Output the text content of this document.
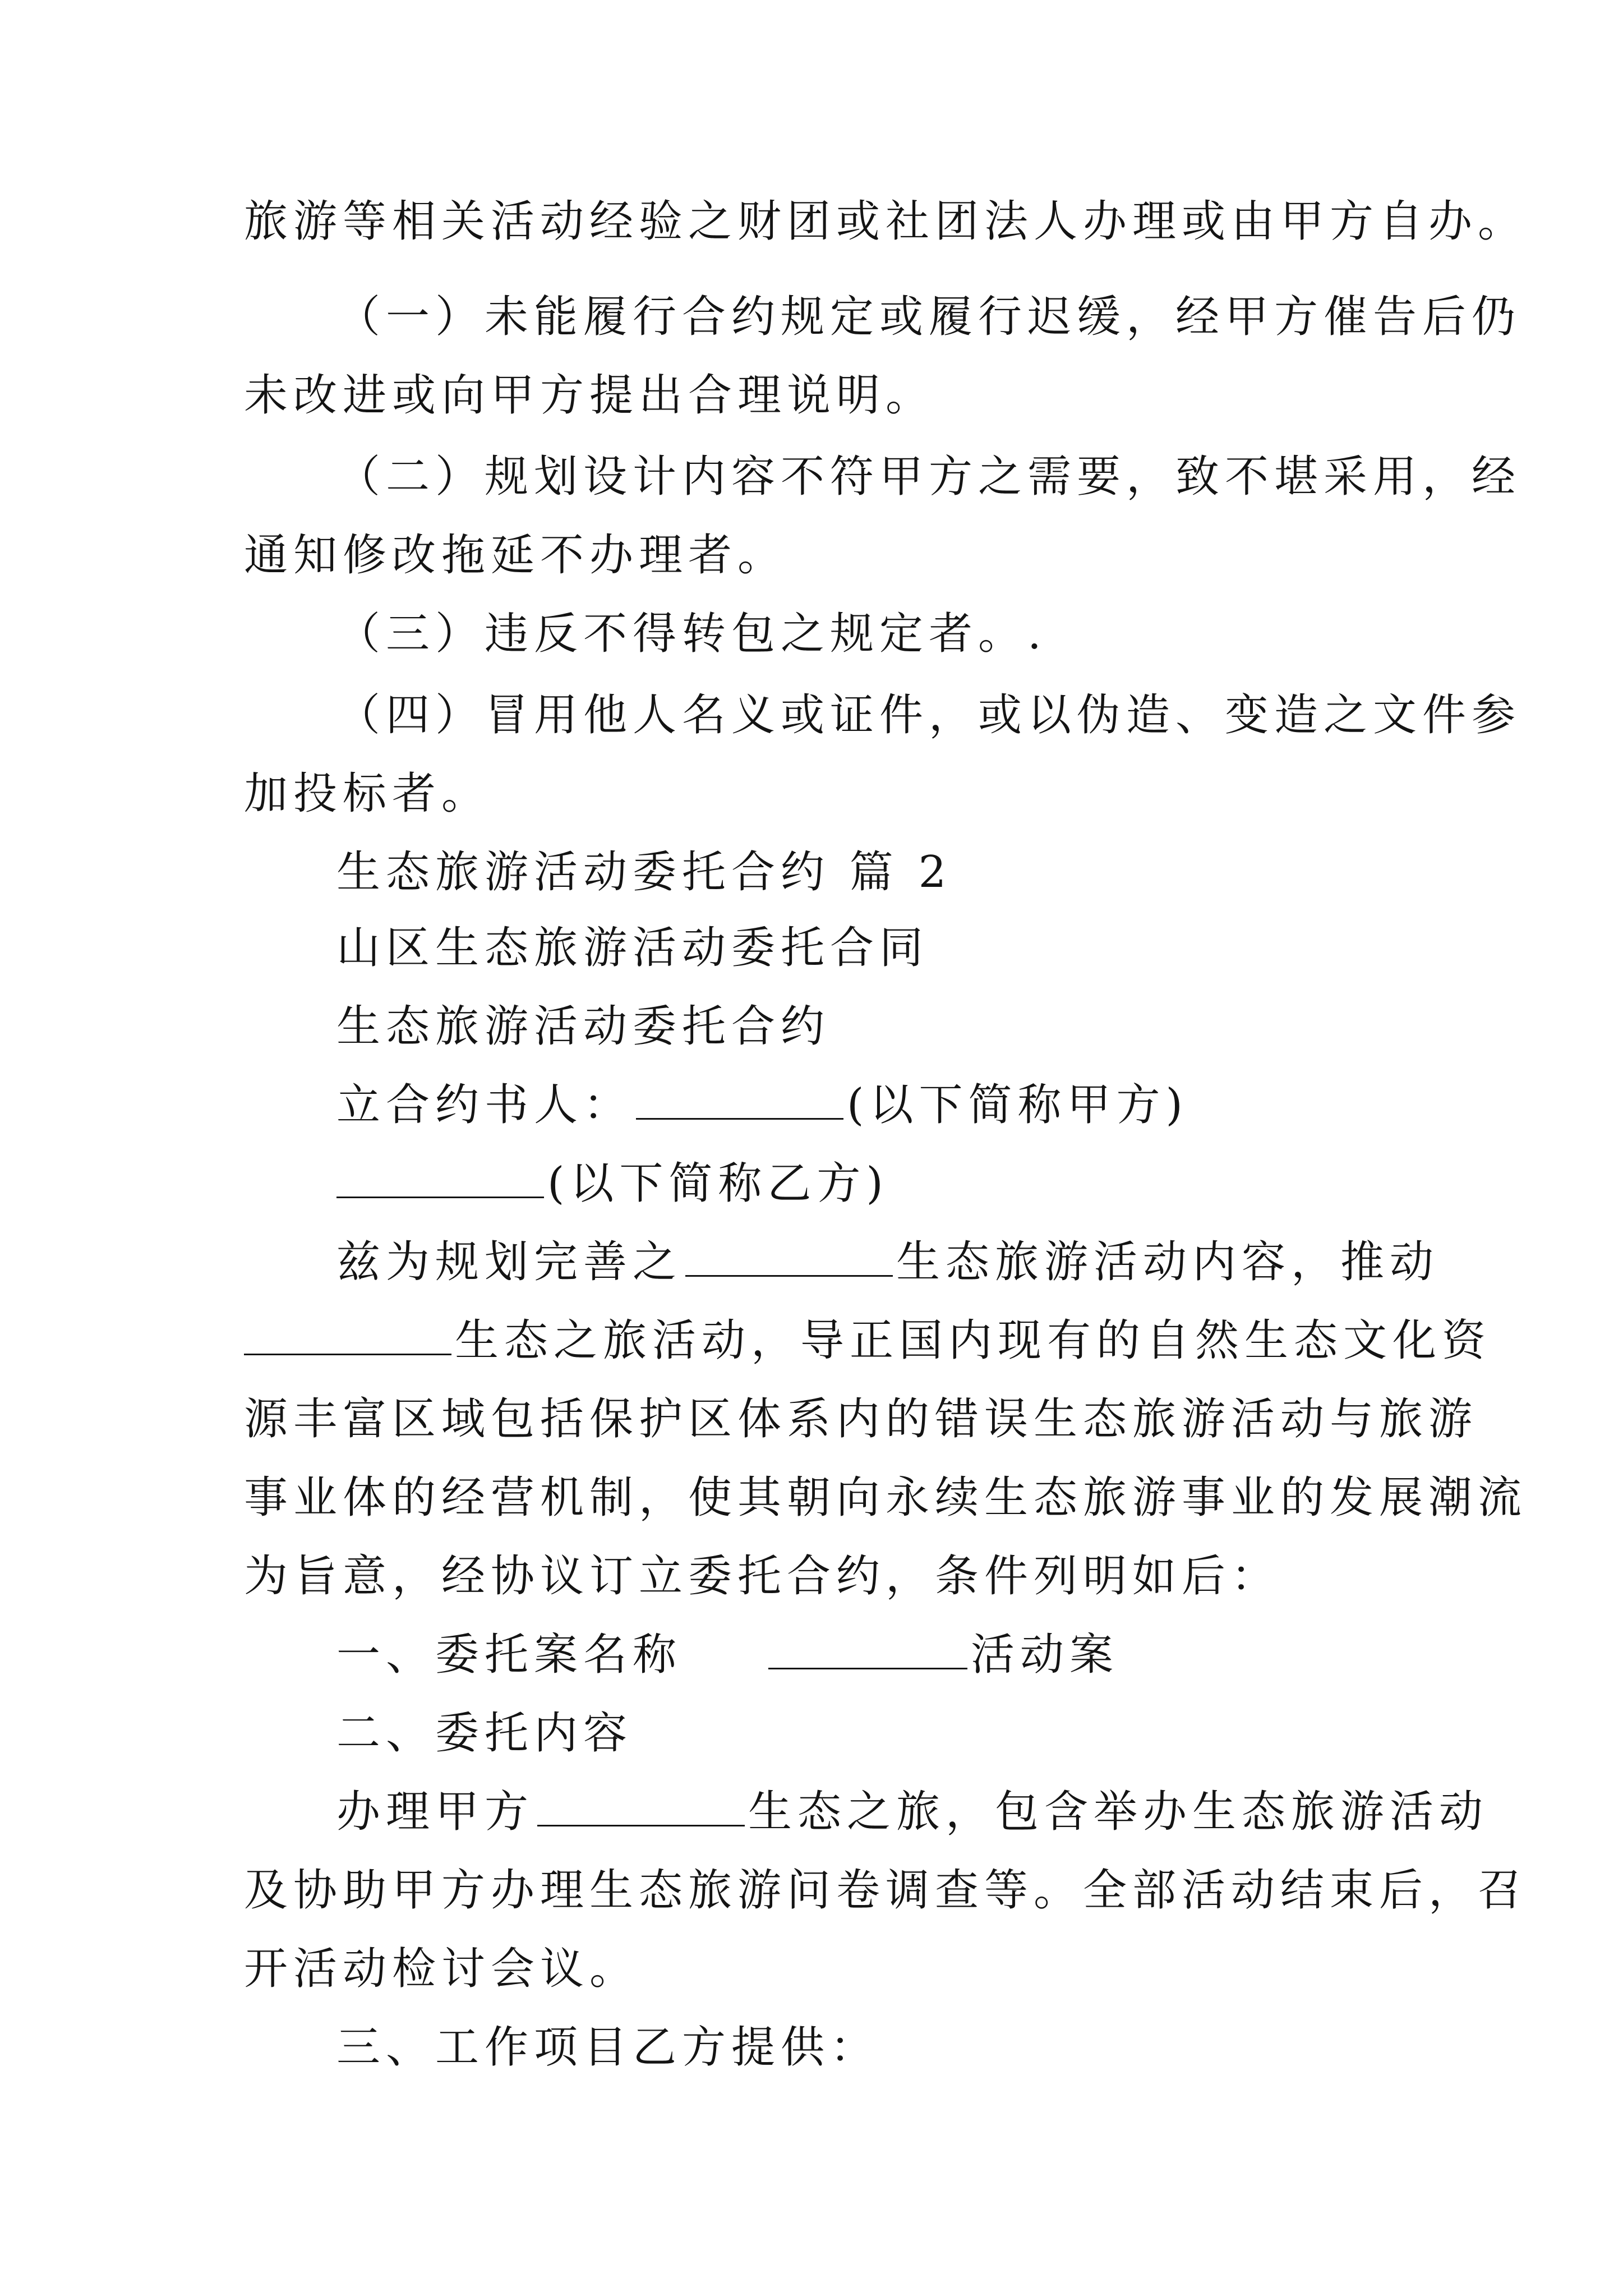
旅游等相关活动经验之财团或社团法人办理或由甲方自办。
（一）未能履行合约规定或履行迟缓，经甲方催告后仍
未改进或向甲方提出合理说明。
（二）规划设计内容不符甲方之需要，致不堪采用，经
通知修改拖延不办理者。
（三）违反不得转包之规定者。.
（四）冒用他人名义或证件，或以伪造、变造之文件参
加投标者。
生态旅游活动委托合约 篇 2
山区生态旅游活动委托合同
生态旅游活动委托合约
立合约书人：	(以下简称甲方)
(以下简称乙方)
兹为规划完善之	生态旅游活动内容，推动
生态之旅活动，导正国内现有的自然生态文化资
源丰富区域包括保护区体系内的错误生态旅游活动与旅游
事业体的经营机制，使其朝向永续生态旅游事业的发展潮流
为旨意，经协议订立委托合约，条件列明如后：
一、委托案名称	活动案
二、委托内容
办理甲方	生态之旅，包含举办生态旅游活动
及协助甲方办理生态旅游问卷调查等。全部活动结束后，召
开活动检讨会议。
三、工作项目乙方提供：
